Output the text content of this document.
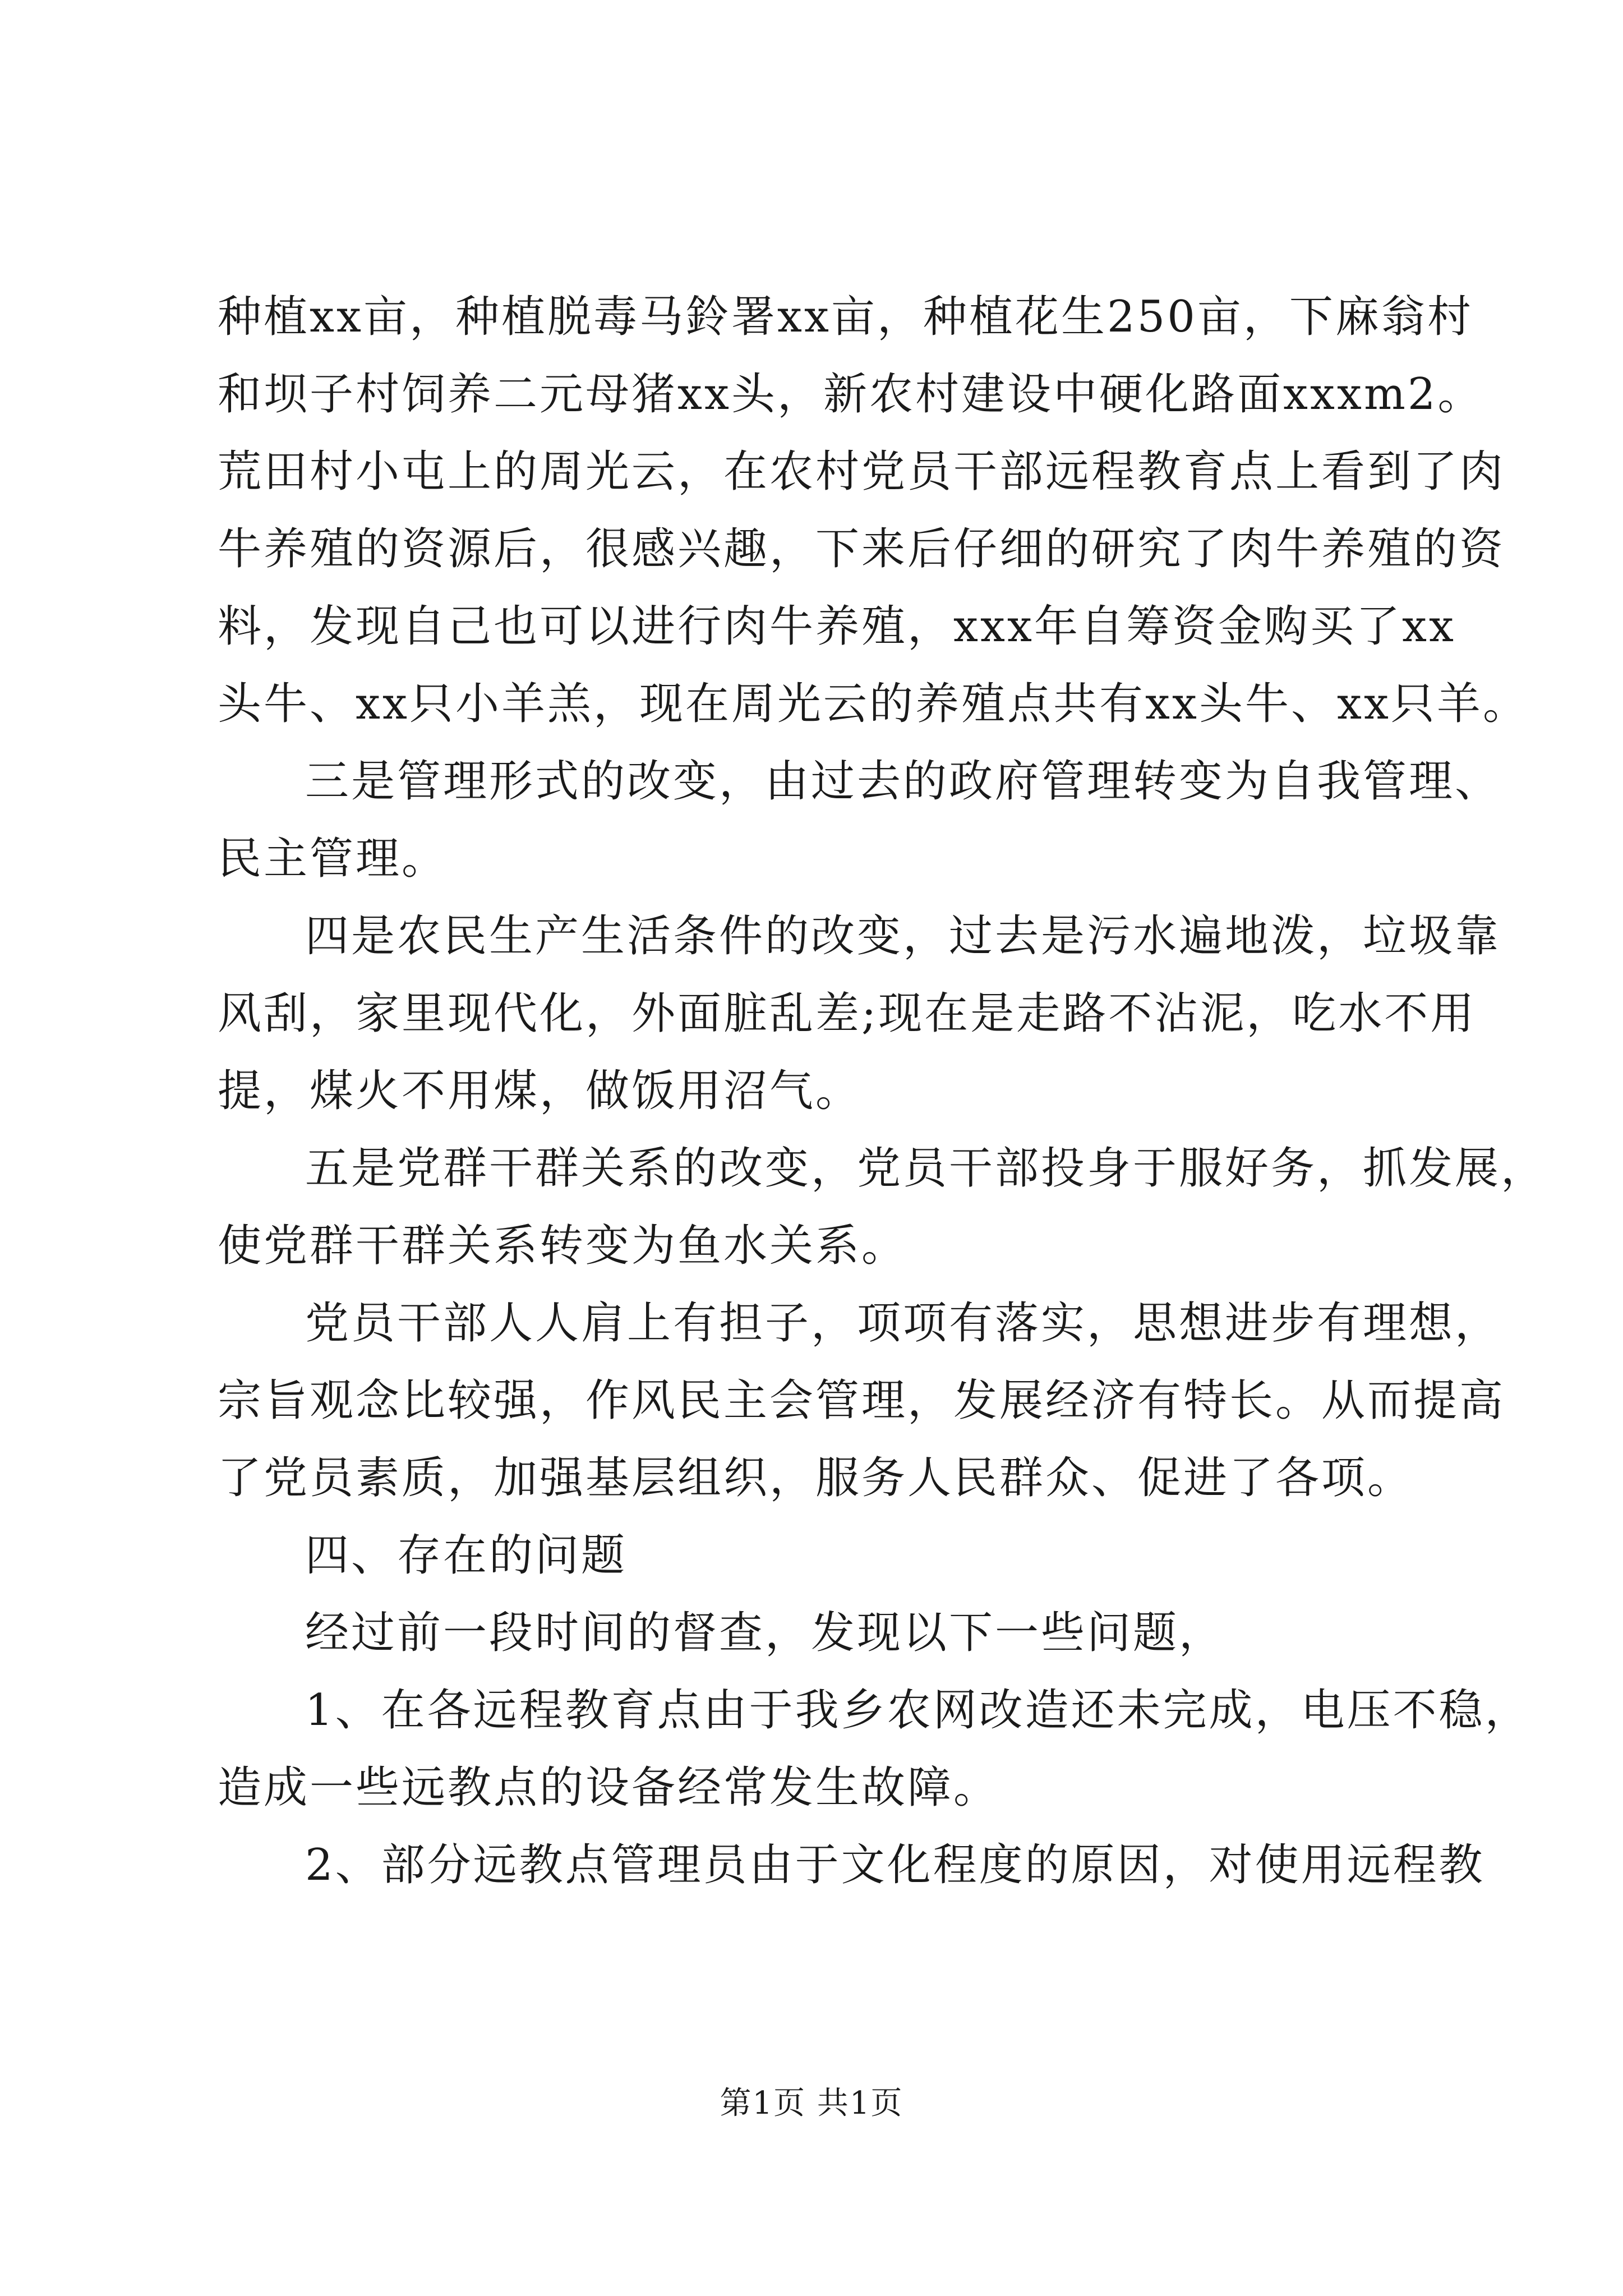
种植xx亩，种植脱毒马鈴署xx亩，种植花生250亩，下麻翁村
和坝子村饲养二元母猪xx头，新农村建设中硬化路面xxxm2。
荒田村小屯上的周光云，在农村党员干部远程教育点上看到了肉
牛养殖的资源后，很感兴趣，下来后仔细的研究了肉牛养殖的资
料，发现自己也可以进行肉牛养殖，xxx年自筹资金购买了xx
头牛、xx只小羊羔，现在周光云的养殖点共有xx头牛、xx只羊。
三是管理形式的改变，由过去的政府管理转变为自我管理、
民主管理。
四是农民生产生活条件的改变，过去是污水遍地泼，垃圾靠
风刮，家里现代化，外面脏乱差;现在是走路不沾泥，吃水不用
提，煤火不用煤，做饭用沼气。
五是党群干群关系的改变，党员干部投身于服好务，抓发展，
使党群干群关系转变为鱼水关系。
党员干部人人肩上有担子，项项有落实，思想进步有理想，
宗旨观念比较强，作风民主会管理，发展经济有特长。从而提高
了党员素质，加强基层组织，服务人民群众、促进了各项。
四、存在的问题
经过前一段时间的督查，发现以下一些问题，
1、在各远程教育点由于我乡农网改造还未完成，电压不稳，
造成一些远教点的设备经常发生故障。
2、部分远教点管理员由于文化程度的原因，对使用远程教
第1页 共1页
